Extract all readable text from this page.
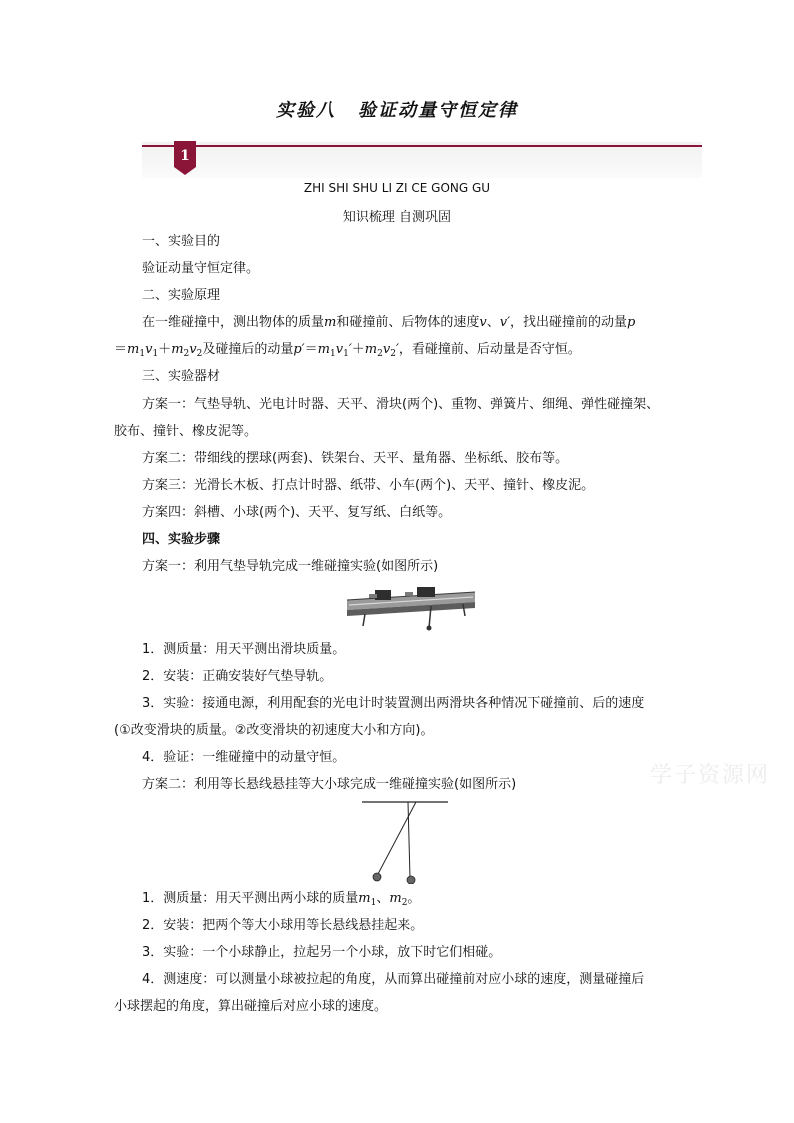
实验八 验证动量守恒定律
1
ZHI SHI SHU LI ZI CE GONG GU
知识梳理 自测巩固
一、实验目的
验证动量守恒定律。
二、实验原理
在一维碰撞中，测出物体的质量m和碰撞前、后物体的速度v、v′，找出碰撞前的动量p
$=m_1v_1+m_2v_2$及碰撞后的动量$p'=m_1v_1'+m_2v_2'$，看碰撞前、后动量是否守恒。
三、实验器材
方案一：气垫导轨、光电计时器、天平、滑块(两个)、重物、弹簧片、细绳、弹性碰撞架、
胶布、撞针、橡皮泥等。
方案二：带细线的摆球(两套)、铁架台、天平、量角器、坐标纸、胶布等。
方案三：光滑长木板、打点计时器、纸带、小车(两个)、天平、撞针、橡皮泥。
方案四：斜槽、小球(两个)、天平、复写纸、白纸等。
四、实验步骤
方案一：利用气垫导轨完成一维碰撞实验(如图所示)
1．测质量：用天平测出滑块质量。
2．安装：正确安装好气垫导轨。
3．实验：接通电源，利用配套的光电计时装置测出两滑块各种情况下碰撞前、后的速度
(①改变滑块的质量。②改变滑块的初速度大小和方向)。
4．验证：一维碰撞中的动量守恒。
方案二：利用等长悬线悬挂等大小球完成一维碰撞实验(如图所示)
1．测质量：用天平测出两小球的质量$m_1$、$m_2$。
2．安装：把两个等大小球用等长悬线悬挂起来。
3．实验：一个小球静止，拉起另一个小球，放下时它们相碰。
4．测速度：可以测量小球被拉起的角度，从而算出碰撞前对应小球的速度，测量碰撞后
小球摆起的角度，算出碰撞后对应小球的速度。
学子资源网
